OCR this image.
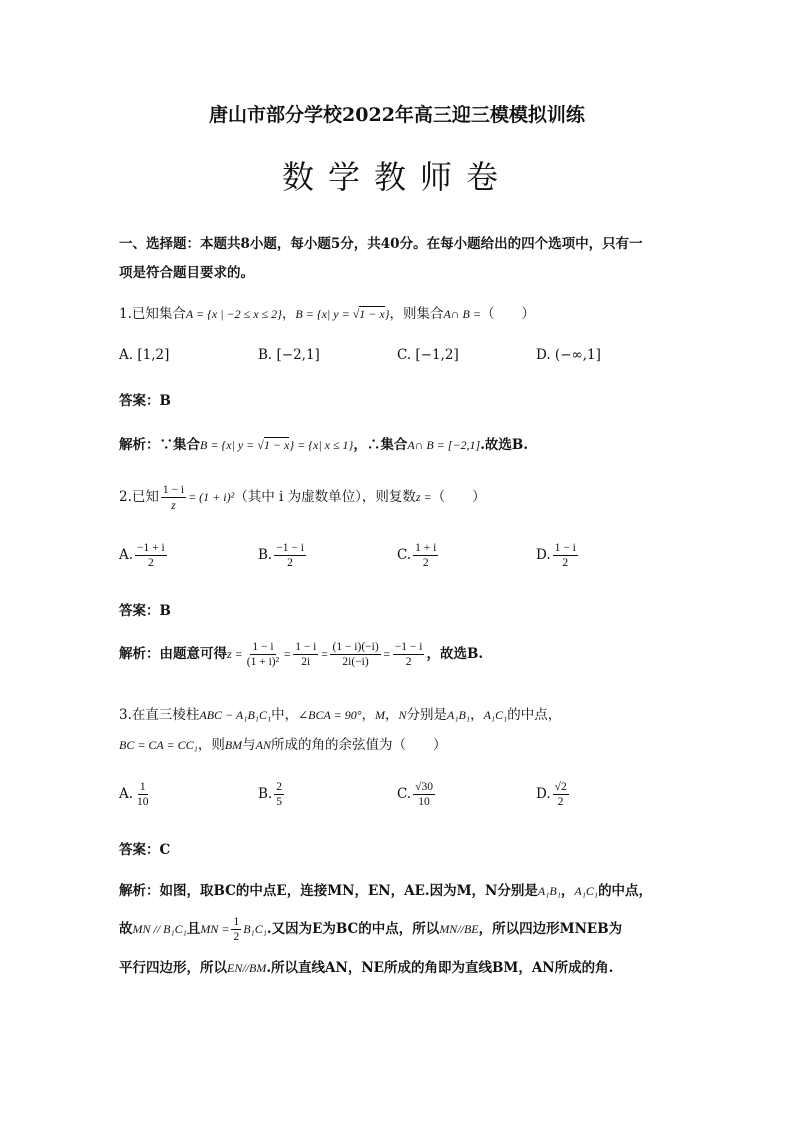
唐山市部分学校2022年高三迎三模模拟训练
数学教师卷
一、选择题：本题共8小题，每小题5分，共40分。在每小题给出的四个选项中，只有一
项是符合题目要求的。
1.已知集合A = {x | −2 ≤ x ≤ 2}，B = {x| y = √1 − x}，则集合A∩ B =（　　）
A. [1,2]	B. [−2,1]	C. [−1,2]	D. (−∞,1]
答案：B
解析：∵集合B = {x| y = √1 − x} = {x| x ≤ 1}，∴集合A∩ B = [−2,1].故选B.
2.已知 $\frac{1 - i}{z} = (1 + i)^2$（其中 i 为虚数单位），则复数z =（　　）
A. $\frac{-1 + i}{2}$	B. $\frac{-1 - i}{2}$	C. $\frac{1 + i}{2}$	D. $\frac{1 - i}{2}$
答案：B
解析：由题意可得$z = \frac{1 - i}{\text{(1 + i)²}} = \frac{1 - i}{2i} = \frac{(1 - i)(-i)}{2i(-i)} = \frac{-1 - i}{2}$ ，故选B.
3.在直三棱柱ABC − A₁B₁C₁中，∠BCA = 90°，M，N分别是A₁B₁，A₁C₁的中点，
BC = CA = CC₁，则BM与AN所成的角的余弦值为（　　）
A. $\frac{1}{10}$	B. $\frac{2}{5}$	C. $\frac{√30}{10}$	D. $\frac{√2}{2}$
答案：C
解析：如图，取BC的中点E，连接MN，EN，AE.因为M，N分别是A₁B₁，A₁C₁的中点，
故MN // B₁C₁且MN = $\frac{1}{2} B_1C_1$.又因为E为BC的中点，所以MN//BE，所以四边形MNEB为
平行四边形，所以EN//BM.所以直线AN，NE所成的角即为直线BM，AN所成的角.
